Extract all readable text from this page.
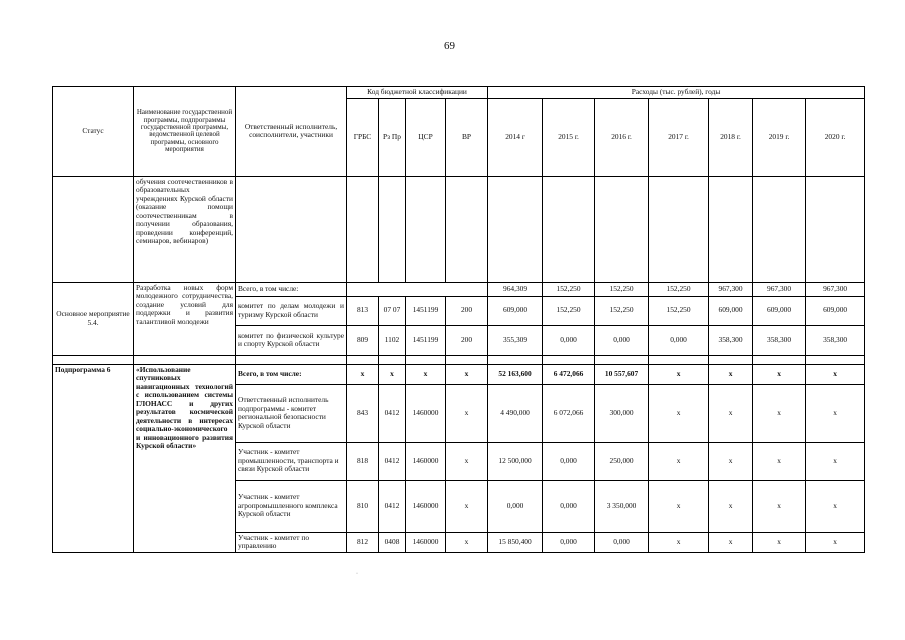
69
Статус	Наименование государственной программы, подпрограммы государственной программы, ведомственной целевой программы, основного мероприятия	Ответственный исполнитель, соисполнители, участники	Код бюджетной классификации				Расходы (тыс. рублей), годы						
			ГРБС	Рз Пр	ЦСР	ВР	2014 г	2015 г.	2016 г.	2017 г.	2018 г.	2019 г.	2020 г.
	обучения соотечественников в образовательных учреждениях Курской области (оказание помощи соотечественникам в получении образования, проведении конференций, семинаров, вебинаров)												
Основное мероприятие 5.4.	Разработка новых форм молодежного сотрудничества, создание условий для поддержки и развития талантливой молодежи	Всего, в том числе:					964,309	152,250	152,250	152,250	967,300	967,300	967,300
		комитет по делам молодежи и туризму Курской области	813	07 07	1451199	200	609,000	152,250	152,250	152,250	609,000	609,000	609,000
		комитет по физической культуре и спорту Курской области	809	1102	1451199	200	355,309	0,000	0,000	0,000	358,300	358,300	358,300

Подпрограмма 6	«Использование спутниковых навигационных технологий с использованием системы ГЛОНАСС и других результатов космической деятельности в интересах социально-экономического и инновационного развития Курской области»	Всего, в том числе:	x	x	x	x	52 163,600	6 472,066	10 557,607	x	x	x	x
		Ответственный исполнитель подпрограммы - комитет региональной безопасности Курской области	843	0412	1460000	x	4 490,000	6 072,066	300,000	x	x	x	x
		Участник - комитет промышленности, транспорта и связи Курской области	818	0412	1460000	x	12 500,000	0,000	250,000	x	x	x	x
		Участник - комитет агропромышленного комплекса Курской области	810	0412	1460000	x	0,000	0,000	3 350,000	x	x	x	x
		Участник - комитет по управлению	812	0408	1460000	x	15 850,400	0,000	0,000	x	x	x	x
·
